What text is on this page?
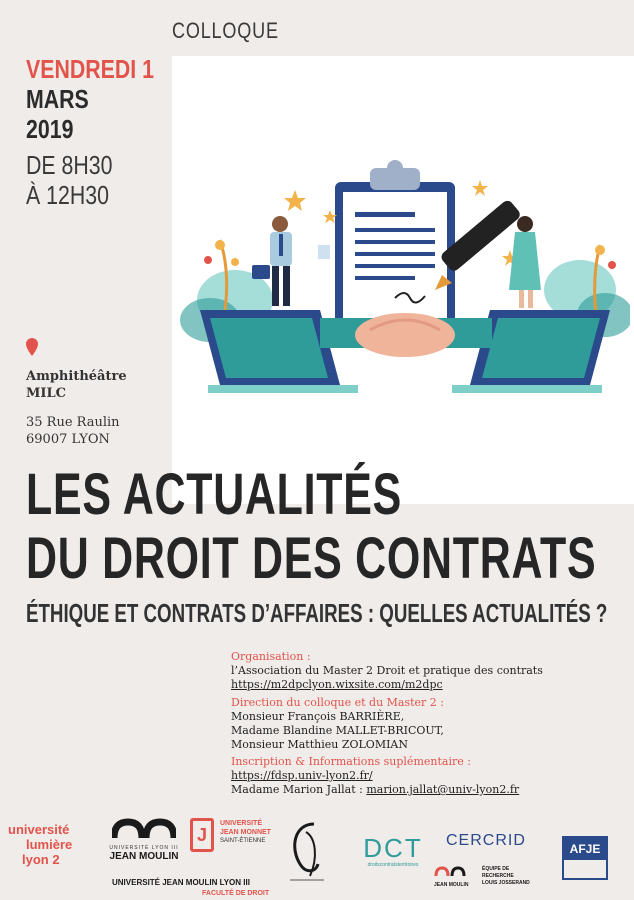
COLLOQUE
VENDREDI 1
MARS
2019
DE 8H30
À 12H30
Amphithéâtre
MILC
35 Rue Raulin
69007 LYON
LES ACTUALITÉS
DU DROIT DES CONTRATS
ÉTHIQUE ET CONTRATS D’AFFAIRES : QUELLES ACTUALITÉS ?
Organisation :
l’Association du Master 2 Droit et pratique des contrats
https://m2dpclyon.wixsite.com/m2dpc
Direction du colloque et du Master 2 :
Monsieur François BARRIÈRE,
Madame Blandine MALLET-BRICOUT,
Monsieur Matthieu ZOLOMIAN
Inscription & Informations suplémentaire :
https://fdsp.univ-lyon2.fr/
Madame Marion Jallat : marion.jallat@univ-lyon2.fr
université
lumière
lyon 2
UNIVERSITÉ LYON III
JEAN MOULIN
J
UNIVERSITÉ
JEAN MONNET
SAINT-ÉTIENNE
UNIVERSITÉ JEAN MOULIN LYON III
FACULTÉ DE DROIT
DCT
droitscontratsterritoires
CERCRID
JEAN MOULIN
ÉQUIPE DE
RECHERCHE
LOUIS JOSSERAND
AFJE
